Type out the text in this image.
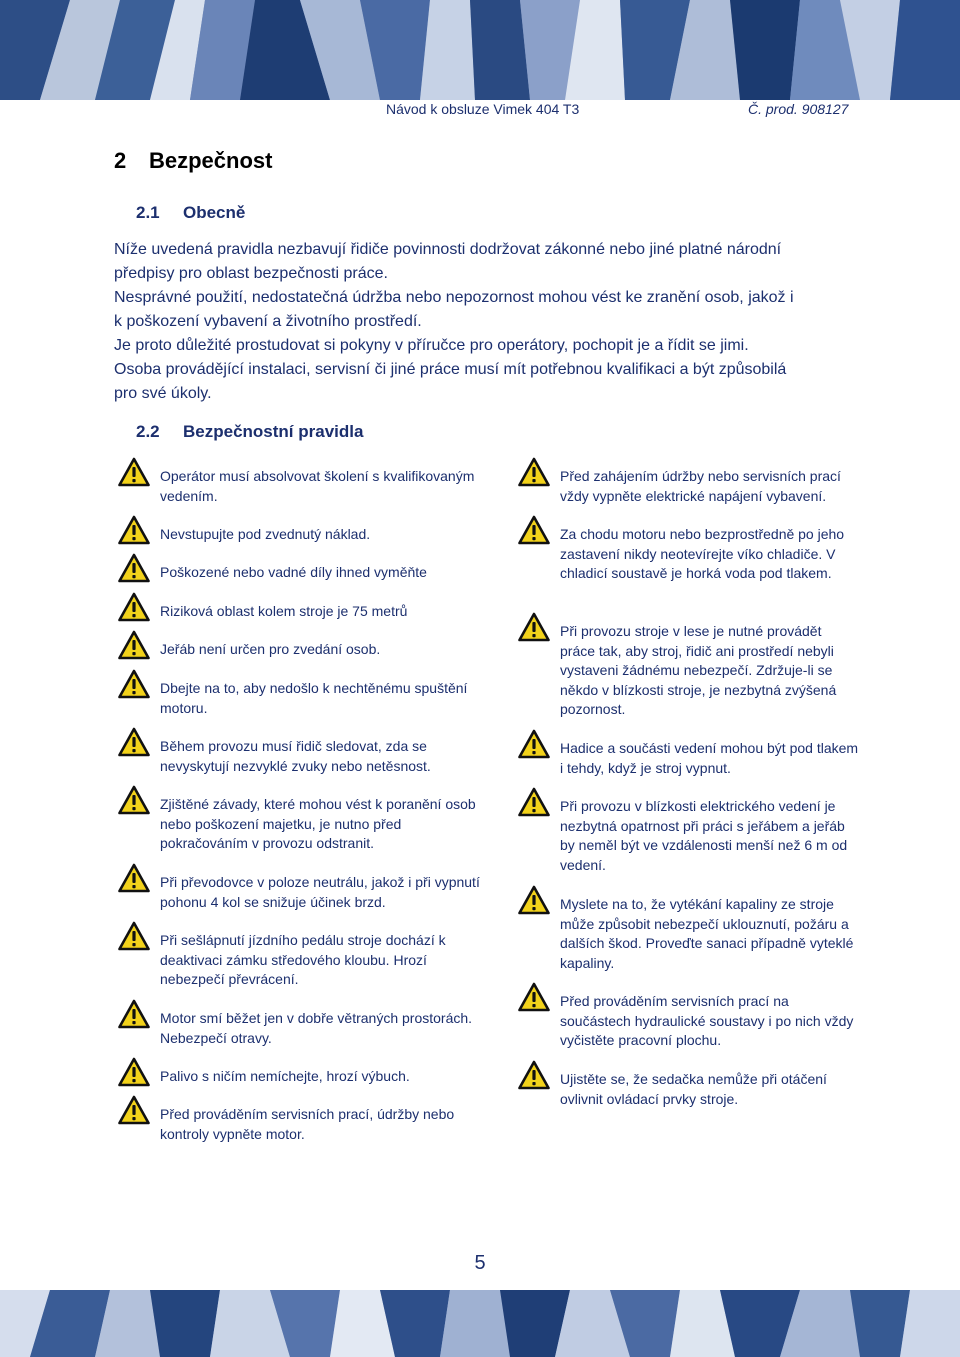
Návod k obsluze Vimek 404 T3	Č. prod. 908127
2 Bezpečnost
2.1 Obecně

Níže uvedená pravidla nezbavují řidiče povinnosti dodržovat zákonné nebo jiné platné národní

předpisy pro oblast bezpečnosti práce.

Nesprávné použití, nedostatečná údržba nebo nepozornost mohou vést ke zranění osob, jakož i

k poškození vybavení a životního prostředí.

Je proto důležité prostudovat si pokyny v příručce pro operátory, pochopit je a řídit se jimi.

Osoba provádějící instalaci, servisní či jiné práce musí mít potřebnou kvalifikaci a být způsobilá

pro své úkoly.

2.2 Bezpečnostní pravidla
Operátor musí absolvovat školení s kvalifikovaným vedením.
Nevstupujte pod zvednutý náklad.
Poškozené nebo vadné díly ihned vyměňte
Riziková oblast kolem stroje je 75 metrů
Jeřáb není určen pro zvedání osob.
Dbejte na to, aby nedošlo k nechtěnému spuštění motoru.
Během provozu musí řidič sledovat, zda se nevyskytují nezvyklé zvuky nebo netěsnost.
Zjištěné závady, které mohou vést k poranění osob nebo poškození majetku, je nutno před pokračováním v provozu odstranit.
Při převodovce v poloze neutrálu, jakož i při vypnutí pohonu 4 kol se snižuje účinek brzd.
Při sešlápnutí jízdního pedálu stroje dochází k deaktivaci zámku středového kloubu. Hrozí nebezpečí převrácení.
Motor smí běžet jen v dobře větraných prostorách. Nebezpečí otravy.
Palivo s ničím nemíchejte, hrozí výbuch.
Před prováděním servisních prací, údržby nebo kontroly vypněte motor.
Před zahájením údržby nebo servisních prací vždy vypněte elektrické napájení vybavení.
Za chodu motoru nebo bezprostředně po jeho zastavení nikdy neotevírejte víko chladiče. V chladicí soustavě je horká voda pod tlakem.
Při provozu stroje v lese je nutné provádět práce tak, aby stroj, řidič ani prostředí nebyli vystaveni žádnému nebezpečí. Zdržuje-li se někdo v blízkosti stroje, je nezbytná zvýšená pozornost.
Hadice a součásti vedení mohou být pod tlakem i tehdy, když je stroj vypnut.
Při provozu v blízkosti elektrického vedení je nezbytná opatrnost při práci s jeřábem a jeřáb by neměl být ve vzdálenosti menší než 6 m od vedení.
Myslete na to, že vytékání kapaliny ze stroje může způsobit nebezpečí uklouznutí, požáru a dalších škod. Proveďte sanaci případně vyteklé kapaliny.
Před prováděním servisních prací na součástech hydraulické soustavy i po nich vždy vyčistěte pracovní plochu.
Ujistěte se, že sedačka nemůže při otáčení ovlivnit ovládací prvky stroje.
5
